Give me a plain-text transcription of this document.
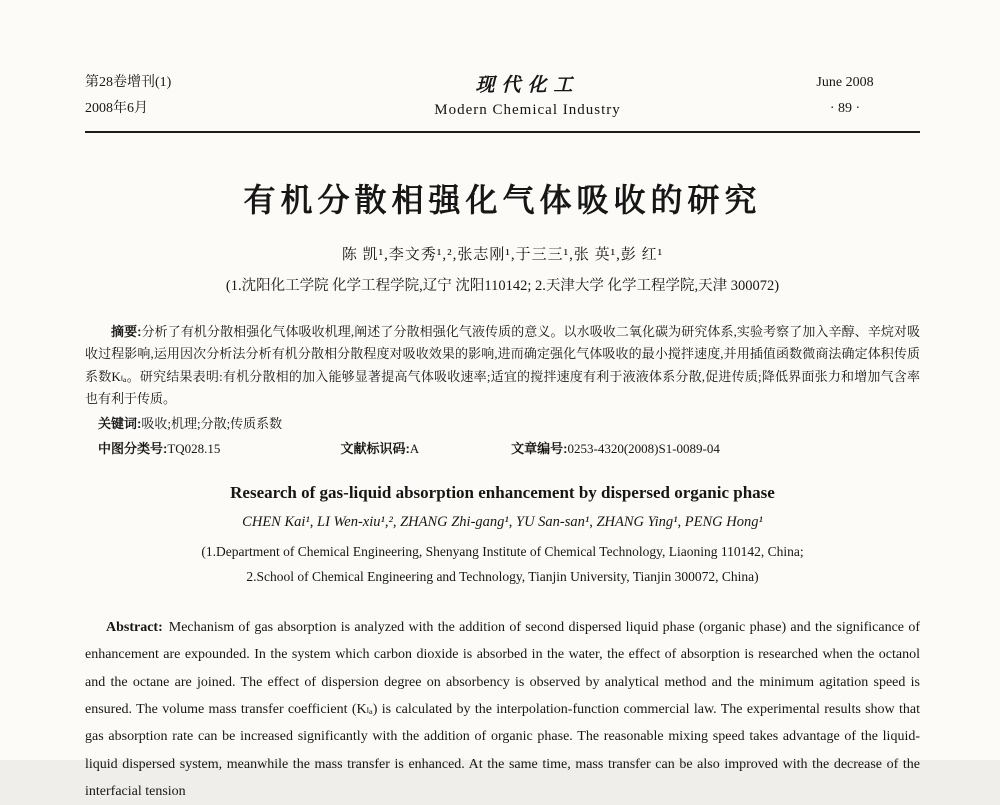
第28卷增刊(1)
2008年6月
现代化工
Modern Chemical Industry
June 2008
· 89 ·
有机分散相强化气体吸收的研究

陈 凯¹,李文秀¹,²,张志刚¹,于三三¹,张 英¹,彭 红¹

(1.沈阳化工学院 化学工程学院,辽宁 沈阳110142; 2.天津大学 化学工程学院,天津 300072)

摘要:分析了有机分散相强化气体吸收机理,阐述了分散相强化气液传质的意义。以水吸收二氧化碳为研究体系,实验考察了加入辛醇、辛烷对吸收过程影响,运用因次分析法分析有机分散相分散程度对吸收效果的影响,进而确定强化气体吸收的最小搅拌速度,并用插值函数微商法确定体积传质系数Kₗₐ。研究结果表明:有机分散相的加入能够显著提高气体吸收速率;适宜的搅拌速度有利于液液体系分散,促进传质;降低界面张力和增加气含率也有利于传质。

关键词:吸收;机理;分散;传质系数

中图分类号:TQ028.15	文献标识码:A	文章编号:0253-4320(2008)S1-0089-04
Research of gas-liquid absorption enhancement by dispersed organic phase

CHEN Kai¹, LI Wen-xiu¹,², ZHANG Zhi-gang¹, YU San-san¹, ZHANG Ying¹, PENG Hong¹

(1.Department of Chemical Engineering, Shenyang Institute of Chemical Technology, Liaoning 110142, China;
2.School of Chemical Engineering and Technology, Tianjin University, Tianjin 300072, China)

Abstract: Mechanism of gas absorption is analyzed with the addition of second dispersed liquid phase (organic phase) and the significance of enhancement are expounded. In the system which carbon dioxide is absorbed in the water, the effect of absorption is researched when the octanol and the octane are joined. The effect of dispersion degree on absorbency is observed by analytical method and the minimum agitation speed is ensured. The volume mass transfer coefficient (Kₗₐ) is calculated by the interpolation-function commercial law. The experimental results show that gas absorption rate can be increased significantly with the addition of organic phase. The reasonable mixing speed takes advantage of the liquid-liquid dispersed system, meanwhile the mass transfer is enhanced. At the same time, mass transfer can be also improved with the decrease of the interfacial tension
